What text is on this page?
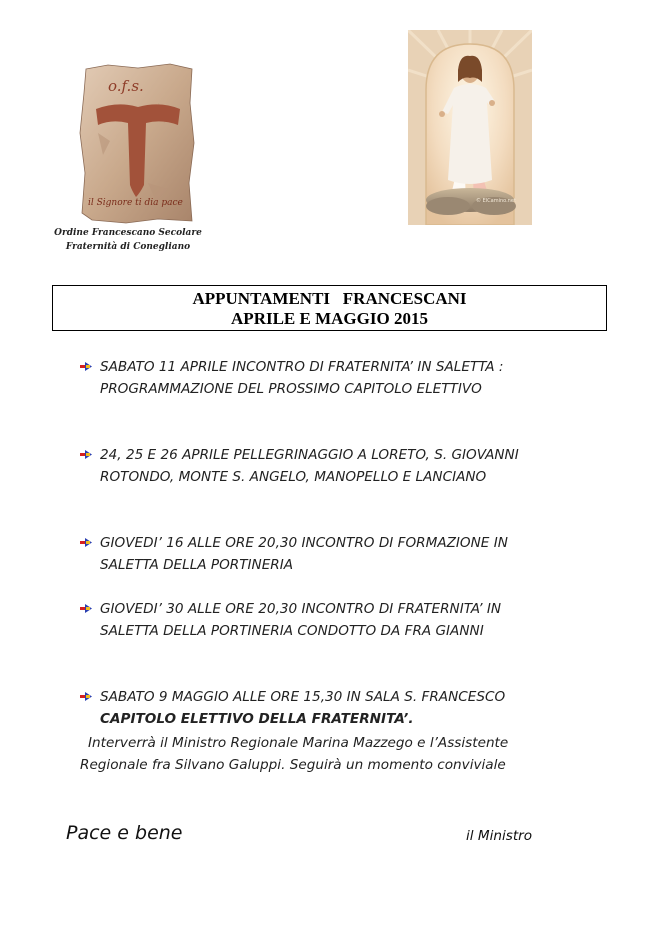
o.f.s.
il Signore ti dia pace
Ordine Francescano Secolare
Fraternità di Conegliano
© ElCamino.net
APPUNTAMENTI   FRANCESCANI
APRILE E MAGGIO 2015
SABATO 11 APRILE INCONTRO DI FRATERNITA’ IN SALETTA :
PROGRAMMAZIONE DEL PROSSIMO CAPITOLO ELETTIVO
24, 25 E 26 APRILE PELLEGRINAGGIO A LORETO, S. GIOVANNI
ROTONDO, MONTE S. ANGELO, MANOPELLO E LANCIANO
GIOVEDI’ 16 ALLE ORE 20,30 INCONTRO DI FORMAZIONE IN
SALETTA DELLA PORTINERIA
GIOVEDI’ 30 ALLE ORE 20,30 INCONTRO DI FRATERNITA’ IN
SALETTA DELLA PORTINERIA CONDOTTO DA FRA GIANNI
SABATO 9 MAGGIO ALLE ORE 15,30 IN SALA S. FRANCESCO
CAPITOLO ELETTIVO DELLA FRATERNITA’.
Interverrà il Ministro Regionale Marina Mazzego e l’Assistente
Regionale fra Silvano Galuppi. Seguirà un momento conviviale
Pace e bene	il Ministro
